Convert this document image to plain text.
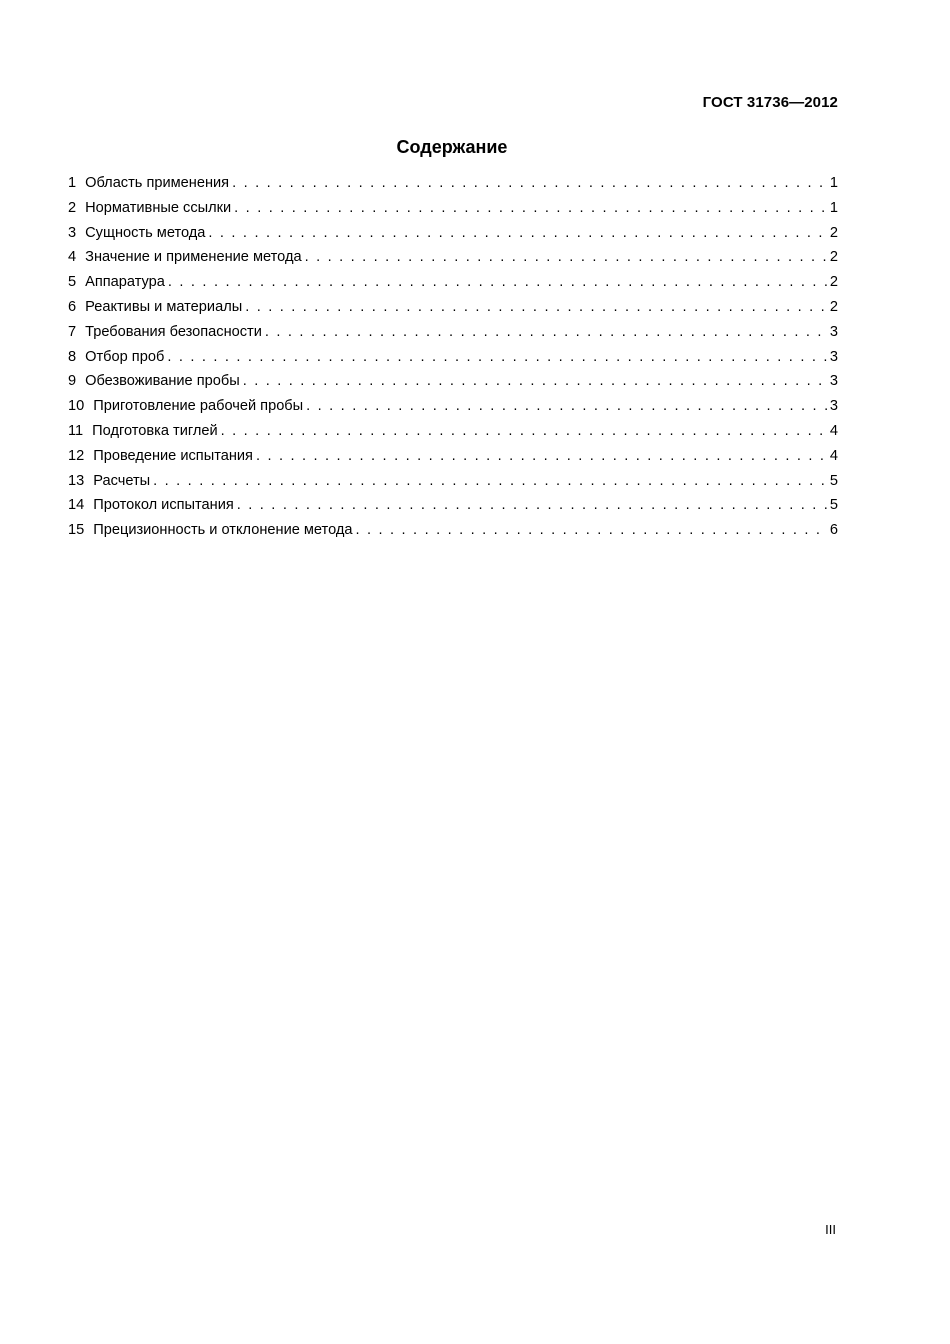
ГОСТ 31736—2012
Содержание
1 Область применения . . .	1
2 Нормативные ссылки . . .	1
3 Сущность метода . . .	2
4 Значение и применение метода . . .	2
5 Аппаратура . . .	2
6 Реактивы и материалы . . .	2
7 Требования безопасности . . .	3
8 Отбор проб . . .	3
9 Обезвоживание пробы . . .	3
10 Приготовление рабочей пробы . . .	3
11 Подготовка тиглей . . .	4
12 Проведение испытания . . .	4
13 Расчеты . . .	5
14 Протокол испытания . . .	5
15 Прецизионность и отклонение метода . . .	6
III
